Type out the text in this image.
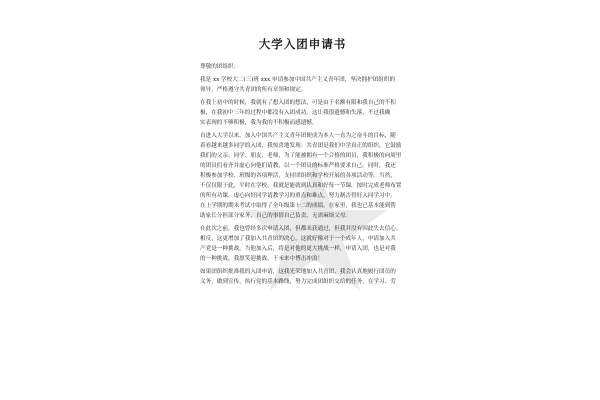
大学入团申请书
尊敬的团组织：
我是 xx 学校大二(三)班 xxx 申请参加中国共产主义青年团，坚决拥护团组织的
领导，严格遵守共青团的所有章领和规定。
在我上初中的时候，我就有了想入团的想法，可是由于名额有限和我自己的不积
极，在我初中三年的过程中都没有入团成功。这让我很遗憾和失落，不过我确
实表现的不够积极，我为我的不积极而感遗憾。
自进入大学以来，加入中国共产主义青年团便成为本人一直为之奋斗的目标，随
着看越来越多同学的入团，我惊喜地发现：共青团是我们中学真正的组织，它鼓励
我们的父亲、同学、朋友、老师，为了能被拥有一个合格的团员，我积极的向周里
的团员们看齐并虚心向他们请教，以一个团员的标准严格要求自己。同时，我还
积极参加学校、班级的各项理活，支持团组织和学校开展的各项活动等。当然，
不仅仅限于此，平时在学校，我就是能就到认真和好每一节课，按时完成老师布置
的所有功课，虚心向好同学请教学习的重点和难点，努力制否得好入同学习中。
在上学期的期末考试中取得了全年级第十二的成绩。在家里，我也已基本能到帮
助家长分担部分家务，自己的事情自己负责，无需麻烦父母。
在此次之前，我也曾经多次申请入团，但都未获通过，但我并没有因此失去信心。
相反，这更增加了我加入共青团的决心，这就好像对于一个成年人，申请加入共
产党是一种挑战，当他加入后，将是对他的更大挑战一样，申请入团，也是对我
的一种挑战，我愿笑迎挑战，于未来中博击冲浪！
如果团组织批准我的入团申请，这我光荣地加入共青团，我会认真地履行团员的
义务，做到宣传，执行党的基本路线，努力完成团组织交给的任务，在学习、劳
